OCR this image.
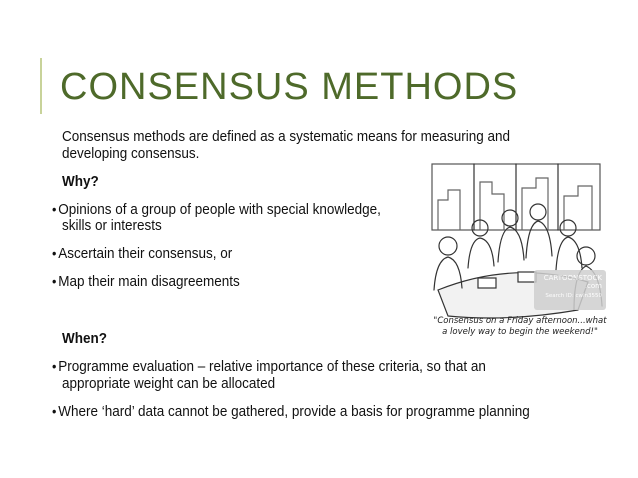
CONSENSUS METHODS

Consensus methods are defined as a systematic means for measuring and

developing consensus.

Why?

• Opinions of a group of people with special knowledge,

skills or interests

• Ascertain their consensus, or

• Map their main disagreements

When?

• Programme evaluation – relative importance of these criteria, so that an

appropriate weight can be allocated

• Where ‘hard’ data cannot be gathered, provide a basis for programme planning

CARTOONSTOCK
.com
Search ID: cwln3550
"Consensus on a Friday afternoon...what
a lovely way to begin the weekend!"
